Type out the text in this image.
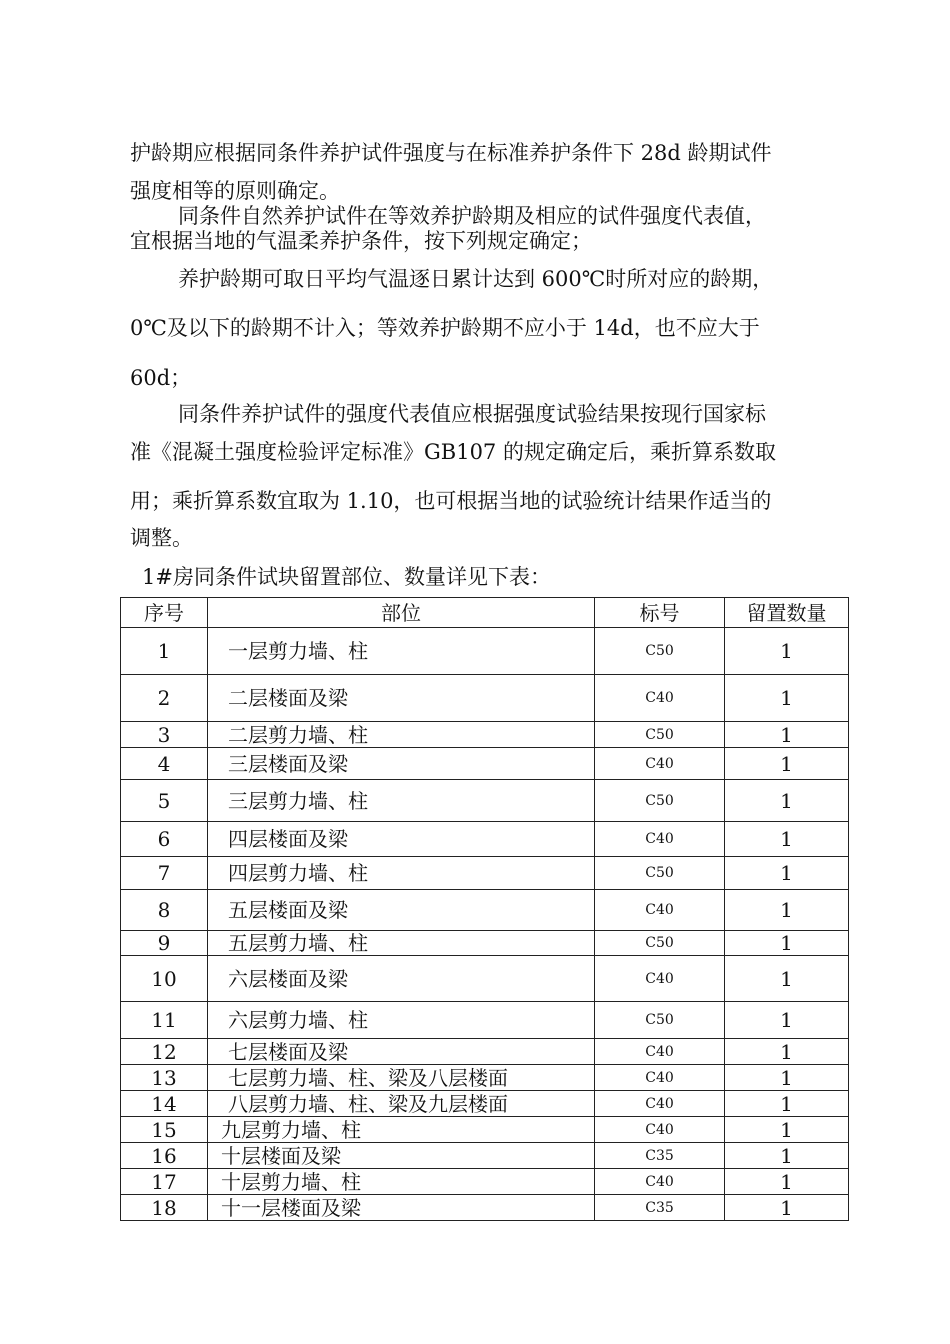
护龄期应根据同条件养护试件强度与在标准养护条件下 28d 龄期试件
强度相等的原则确定。
同条件自然养护试件在等效养护龄期及相应的试件强度代表值，
宜根据当地的气温柔养护条件，按下列规定确定；
养护龄期可取日平均气温逐日累计达到 600℃时所对应的龄期，
0℃及以下的龄期不计入；等效养护龄期不应小于 14d，也不应大于
60d；
同条件养护试件的强度代表值应根据强度试验结果按现行国家标
准《混凝土强度检验评定标准》GB107 的规定确定后，乘折算系数取
用；乘折算系数宜取为 1.10，也可根据当地的试验统计结果作适当的
调整。
1#房同条件试块留置部位、数量详见下表：
序号	部位	标号	留置数量
1	一层剪力墙、柱	C50	1
2	二层楼面及梁	C40	1
3	二层剪力墙、柱	C50	1
4	三层楼面及梁	C40	1
5	三层剪力墙、柱	C50	1
6	四层楼面及梁	C40	1
7	四层剪力墙、柱	C50	1
8	五层楼面及梁	C40	1
9	五层剪力墙、柱	C50	1
10	六层楼面及梁	C40	1
11	六层剪力墙、柱	C50	1
12	七层楼面及梁	C40	1
13	七层剪力墙、柱、梁及八层楼面	C40	1
14	八层剪力墙、柱、梁及九层楼面	C40	1
15	九层剪力墙、柱	C40	1
16	十层楼面及梁	C35	1
17	十层剪力墙、柱	C40	1
18	十一层楼面及梁	C35	1
